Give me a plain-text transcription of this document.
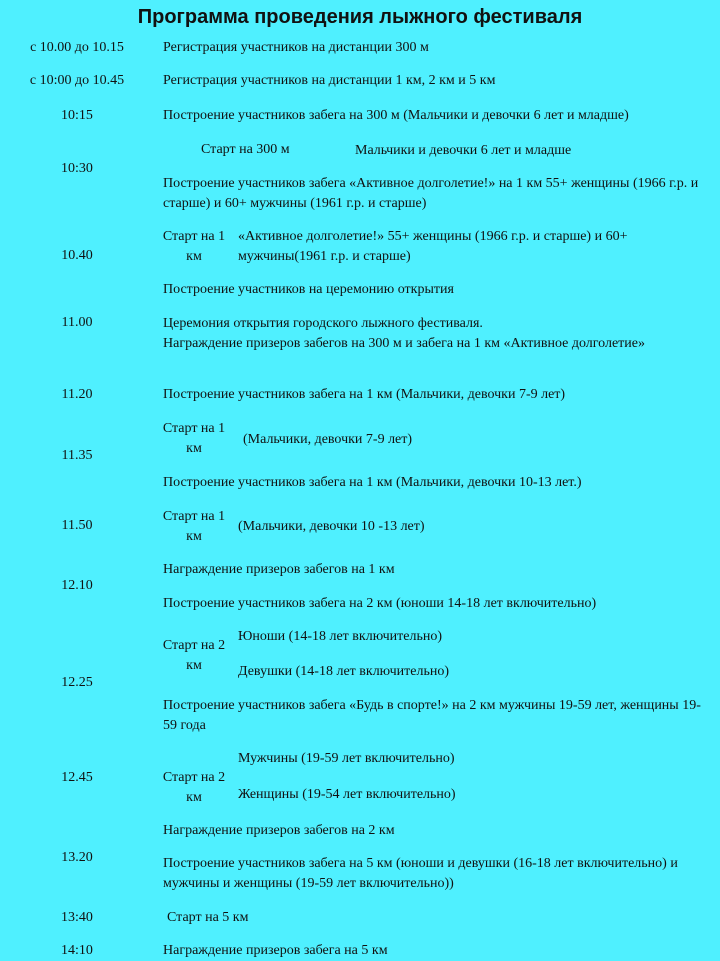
Программа проведения лыжного фестиваля
с 10.00 до 10.15
с 10:00 до 10.45
10:15
10:30
10.40
11.00
11.20
11.35
11.50
12.10
12.25
12.45
13.20
13:40
14:10
Регистрация участников на дистанции 300 м
Регистрация участников на дистанции 1 км, 2 км и 5 км
Построение участников забега на 300 м (Мальчики и девочки 6 лет и младше)
Старт на 300 м	Мальчики и девочки 6 лет и младше
Построение участников забега «Активное долголетие!» на 1 км 55+ женщины (1966 г.р. и старше) и 60+ мужчины (1961 г.р. и старше)
Старт на 1 км
«Активное долголетие!» 55+ женщины (1966 г.р. и старше) и 60+ мужчины(1961 г.р. и старше)
Построение участников на церемонию открытия
Церемония открытия городского лыжного фестиваля.
Награждение призеров забегов на 300 м и забега на 1 км «Активное долголетие»
Построение участников забега на 1 км (Мальчики, девочки 7-9 лет)
Старт на 1 км
(Мальчики, девочки 7-9 лет)
Построение участников забега на 1 км (Мальчики, девочки 10-13 лет.)
Старт на 1 км
(Мальчики, девочки 10 -13 лет)
Награждение призеров забегов на 1 км
Построение участников забега на 2 км (юноши 14-18 лет включительно)
Старт на 2 км
Юноши (14-18 лет включительно)
Девушки (14-18 лет включительно)
Построение участников забега «Будь в спорте!» на 2 км мужчины 19-59 лет, женщины 19-59 года
Старт на 2 км
Мужчины (19-59 лет включительно)
Женщины (19-54 лет включительно)
Награждение призеров забегов на 2 км
Построение участников забега на 5 км (юноши и девушки (16-18 лет включительно) и мужчины и женщины (19-59 лет включительно))
Старт на 5 км
Награждение призеров забега на 5 км
